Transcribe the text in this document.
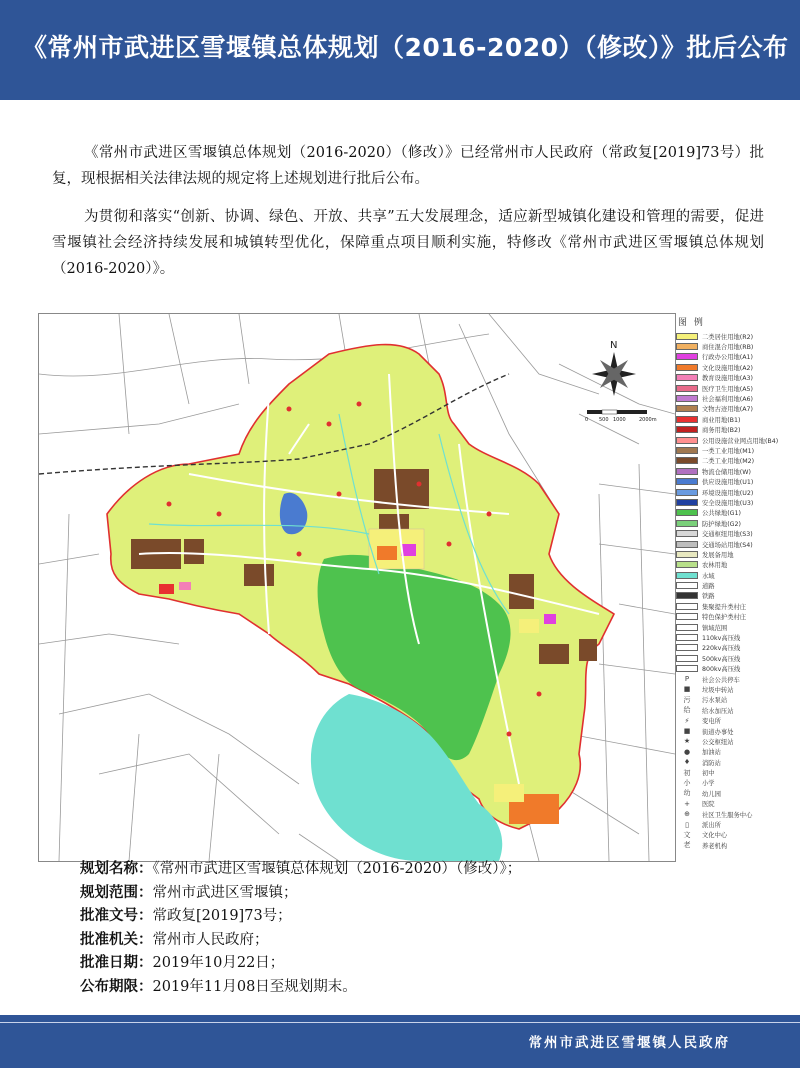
《常州市武进区雪堰镇总体规划（2016-2020）（修改）》批后公布
《常州市武进区雪堰镇总体规划（2016-2020）（修改）》已经常州市人民政府（常政复[2019]73号）批复，现根据相关法律法规的规定将上述规划进行批后公布。
为贯彻和落实“创新、协调、绿色、开放、共享”五大发展理念，适应新型城镇化建设和管理的需要，促进雪堰镇社会经济持续发展和城镇转型优化，保障重点项目顺利实施，特修改《常州市武进区雪堰镇总体规划（2016-2020）》。
N
0 500 1000	2000m
图 例
二类居住用地(R2)
商住混合用地(RB)
行政办公用地(A1)
文化设施用地(A2)
教育设施用地(A3)
医疗卫生用地(A5)
社会福利用地(A6)
文物古迹用地(A7)
商业用地(B1)
商务用地(B2)
公用设施营业网点用地(B4)
一类工业用地(M1)
二类工业用地(M2)
物流仓储用地(W)
供应设施用地(U1)
环境设施用地(U2)
安全设施用地(U3)
公共绿地(G1)
防护绿地(G2)
交通枢纽用地(S3)
交通场站用地(S4)
发展备用地
农林用地
水域
道路
铁路
集聚提升类村庄
特色保护类村庄
镇域范围
110kv高压线
220kv高压线
500kv高压线
800kv高压线
P	社会公共停车
■	垃圾中转站
污	污水泵站
给	给水加压站
⚡	变电所
■	街道办事处
★	公交枢纽站
●	加油站
♦	消防站
初	初中
小	小学
幼	幼儿园
+	医院
⊕	社区卫生服务中心
▯	派出所
文	文化中心
老	养老机构
规划名称：《常州市武进区雪堰镇总体规划（2016-2020）（修改）》；
规划范围：常州市武进区雪堰镇；
批准文号：常政复[2019]73号；
批准机关：常州市人民政府；
批准日期：2019年10月22日；
公布期限：2019年11月08日至规划期末。
常州市武进区雪堰镇人民政府
